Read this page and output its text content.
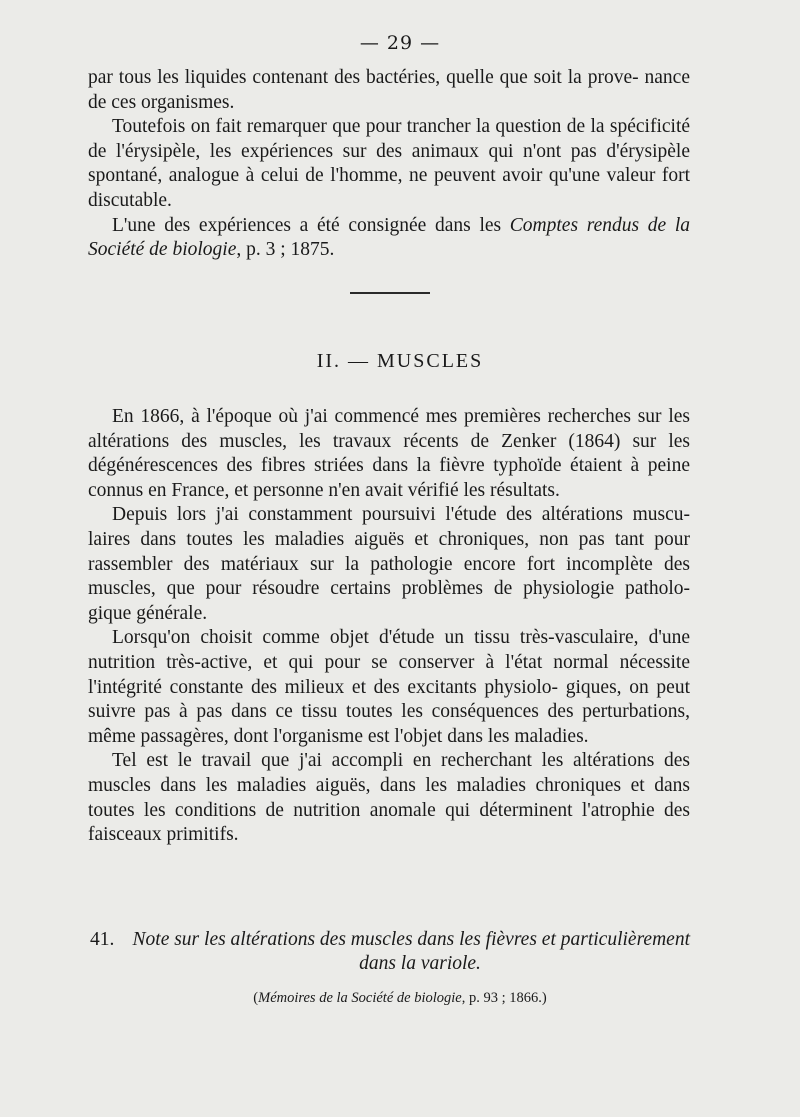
— 29 —

par tous les liquides contenant des bactéries, quelle que soit la prove- nance de ces organismes.

Toutefois on fait remarquer que pour trancher la question de la spécificité de l'érysipèle, les expériences sur des animaux qui n'ont pas d'érysipèle spontané, analogue à celui de l'homme, ne peuvent avoir qu'une valeur fort discutable.

L'une des expériences a été consignée dans les Comptes rendus de la Société de biologie, p. 3 ; 1875.

II. — MUSCLES

En 1866, à l'époque où j'ai commencé mes premières recherches sur les altérations des muscles, les travaux récents de Zenker (1864) sur les dégénérescences des fibres striées dans la fièvre typhoïde étaient à peine connus en France, et personne n'en avait vérifié les résultats.

Depuis lors j'ai constamment poursuivi l'étude des altérations muscu- laires dans toutes les maladies aiguës et chroniques, non pas tant pour rassembler des matériaux sur la pathologie encore fort incomplète des muscles, que pour résoudre certains problèmes de physiologie patholo- gique générale.

Lorsqu'on choisit comme objet d'étude un tissu très-vasculaire, d'une nutrition très-active, et qui pour se conserver à l'état normal nécessite l'intégrité constante des milieux et des excitants physiolo- giques, on peut suivre pas à pas dans ce tissu toutes les conséquences des perturbations, même passagères, dont l'organisme est l'objet dans les maladies.

Tel est le travail que j'ai accompli en recherchant les altérations des muscles dans les maladies aiguës, dans les maladies chroniques et dans toutes les conditions de nutrition anomale qui déterminent l'atrophie des faisceaux primitifs.

41. Note sur les altérations des muscles dans les fièvres et particulièrement
dans la variole.
(Mémoires de la Société de biologie, p. 93 ; 1866.)
